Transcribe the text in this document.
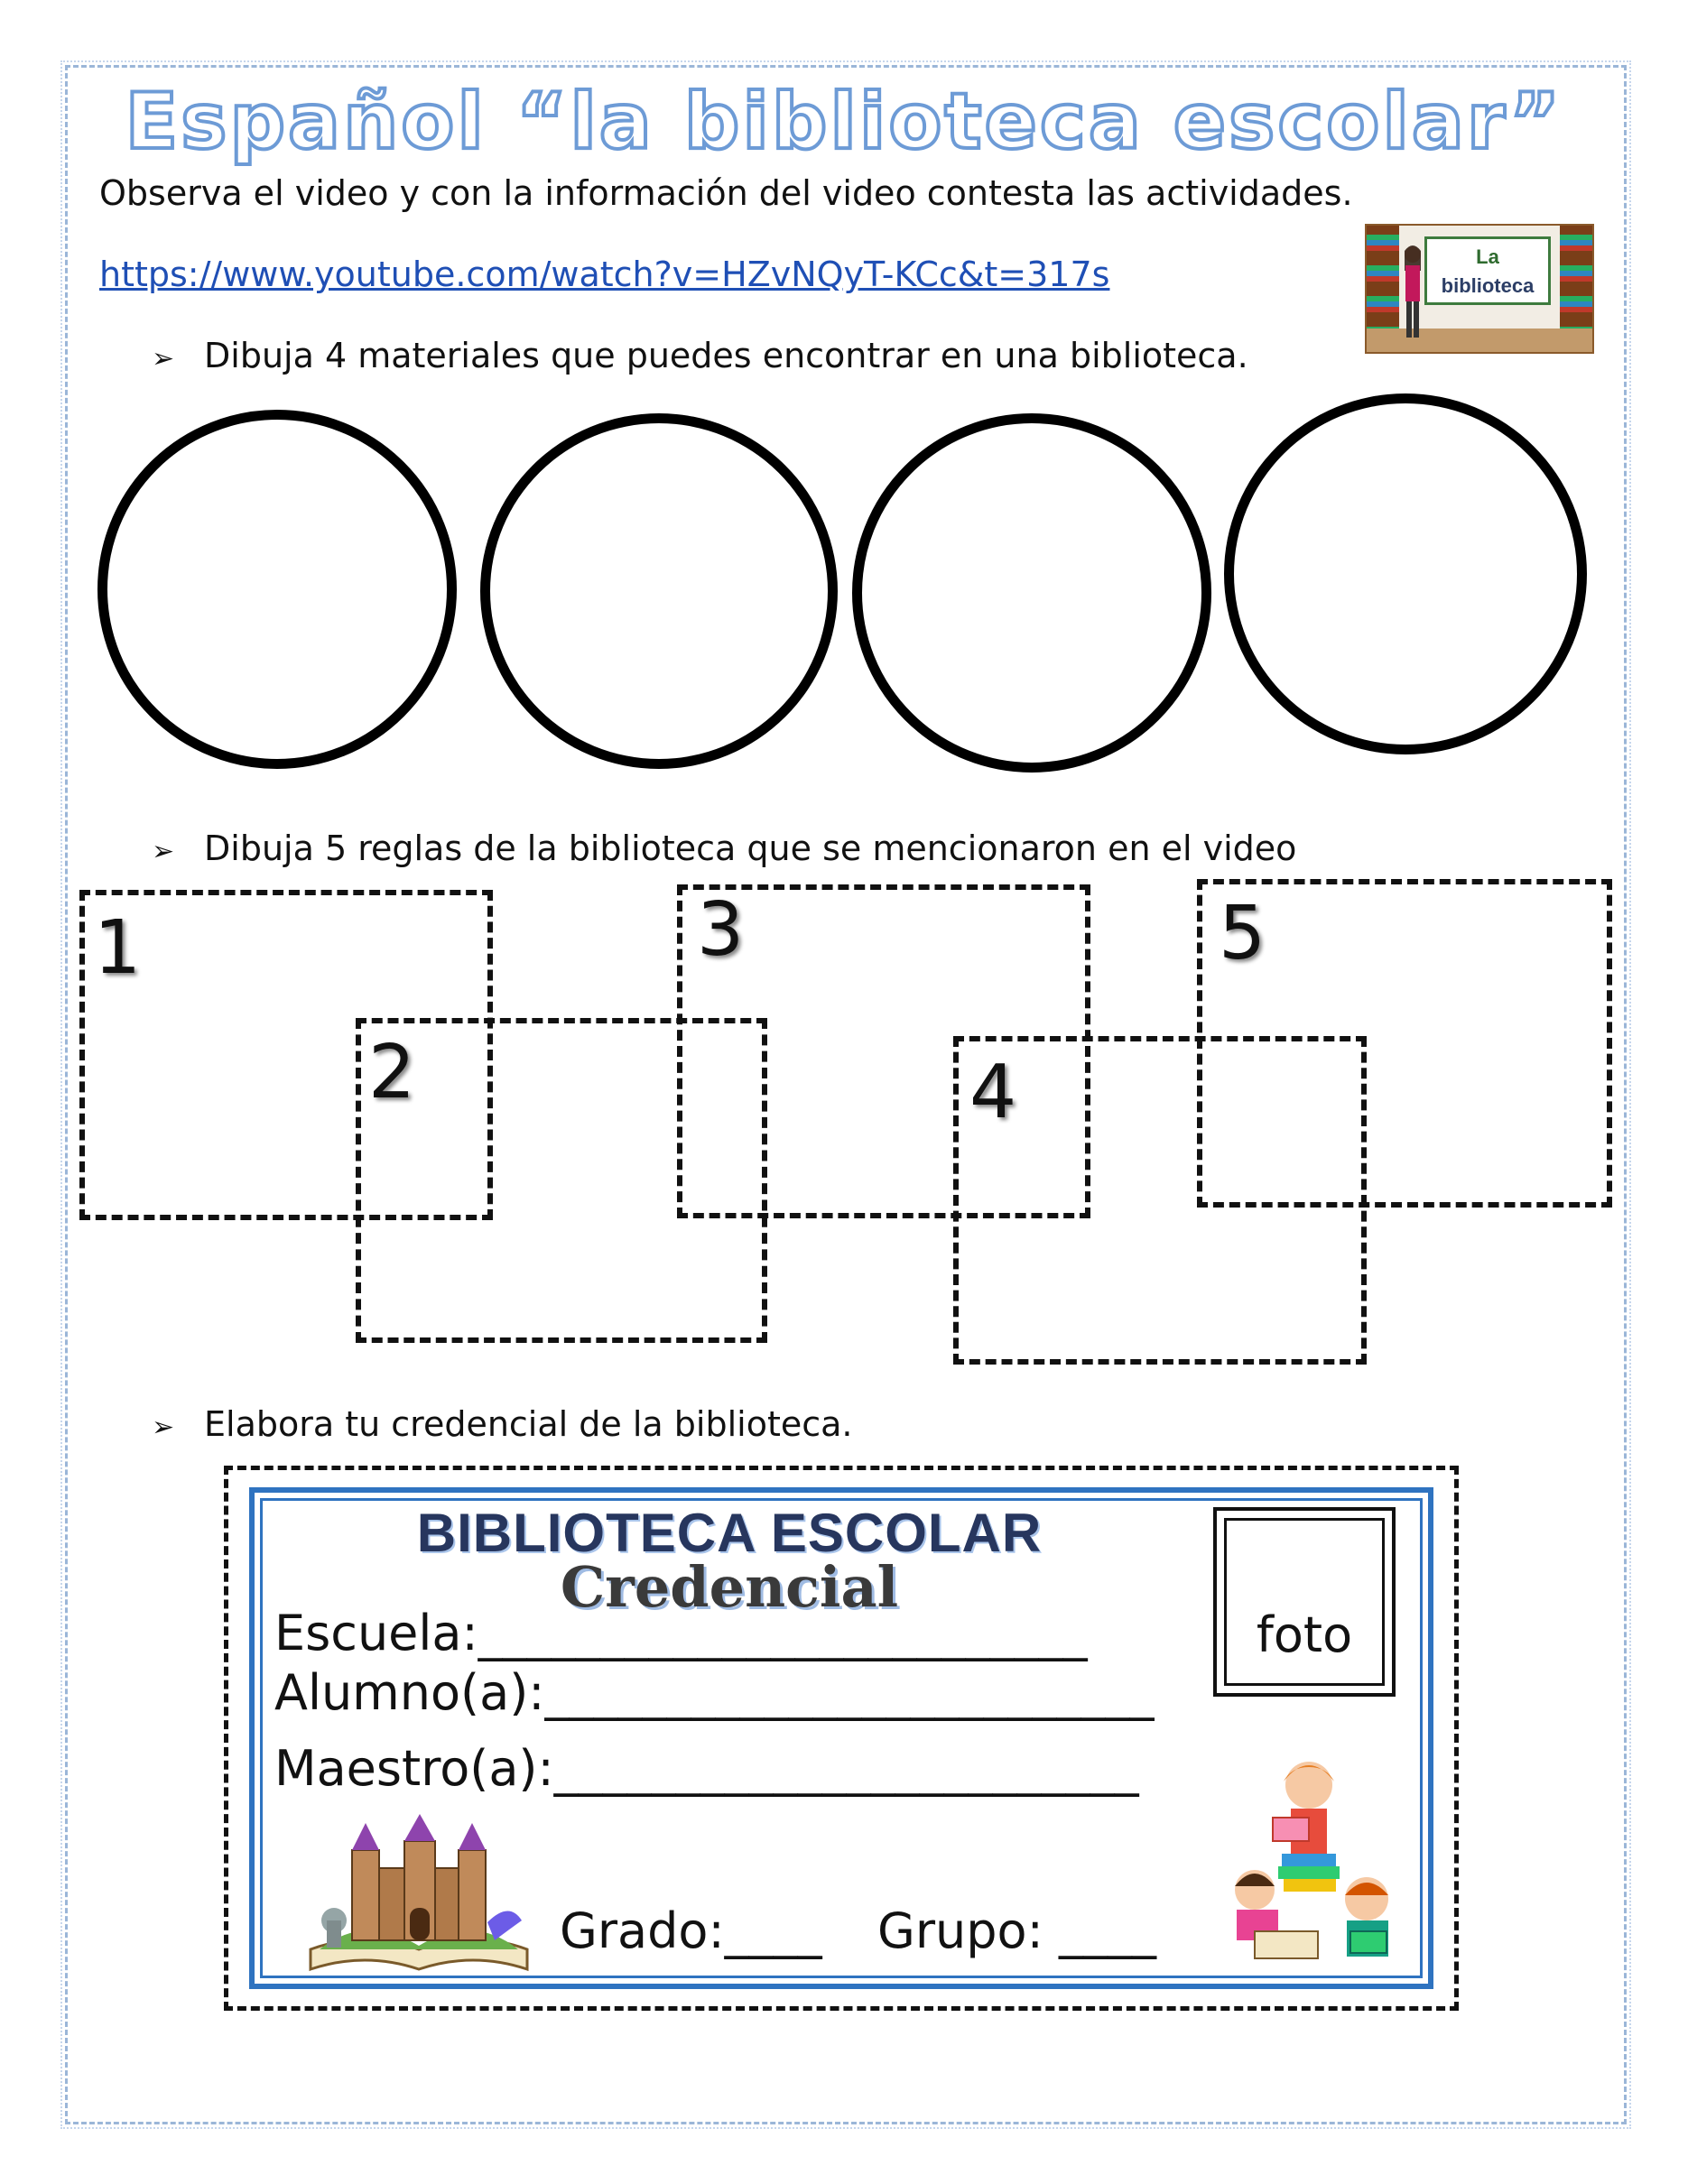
Español “la biblioteca escolar”
Observa el video y con la información del video contesta las actividades.
https://www.youtube.com/watch?v=HZvNQyT-KCc&t=317s	La
biblioteca
➢ Dibuja 4 materiales que puedes encontrar en una biblioteca.
➢ Dibuja 5 reglas de la biblioteca que se mencionaron en el video
1
2
3
4
5
➢ Elabora tu credencial de la biblioteca.
BIBLIOTECA ESCOLAR
Credencial
Escuela:_________________________
Alumno(a):_________________________
Maestro(a):________________________
Grado:____ Grupo: ____
foto
